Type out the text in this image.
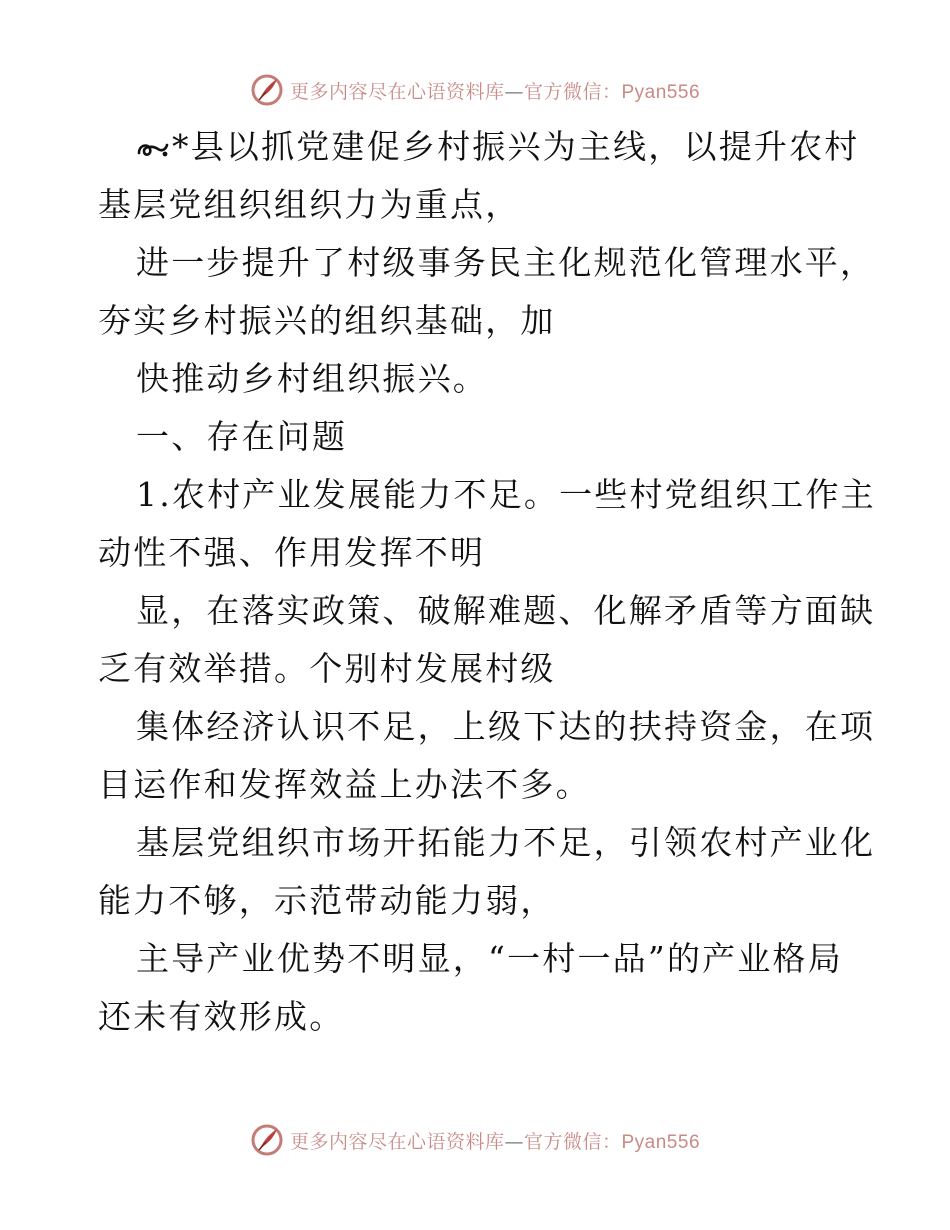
更多内容尽在心语资料库—官方微信：Pyan556
*县以抓党建促乡村振兴为主线，以提升农村
基层党组织组织力为重点，
进一步提升了村级事务民主化规范化管理水平，
夯实乡村振兴的组织基础，加
快推动乡村组织振兴。
一、存在问题
1.农村产业发展能力不足。一些村党组织工作主
动性不强、作用发挥不明
显，在落实政策、破解难题、化解矛盾等方面缺
乏有效举措。个别村发展村级
集体经济认识不足，上级下达的扶持资金，在项
目运作和发挥效益上办法不多。
基层党组织市场开拓能力不足，引领农村产业化
能力不够，示范带动能力弱，
主导产业优势不明显，“一村一品”的产业格局
还未有效形成。
更多内容尽在心语资料库—官方微信：Pyan556
